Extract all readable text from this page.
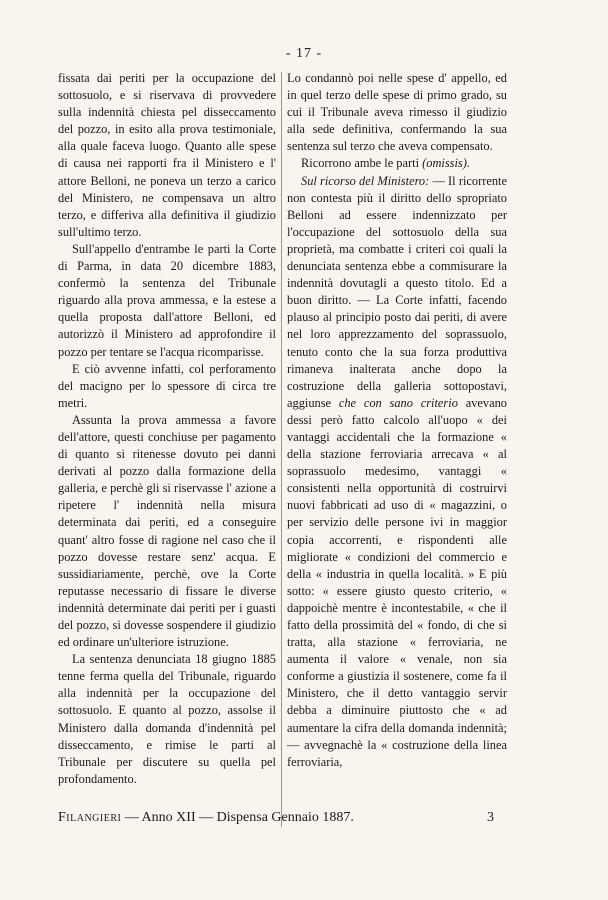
- 17 -

fissata dai periti per la occupazione del sottosuolo, e si riservava di provvedere sulla indennità chiesta pel disseccamento del pozzo, in esito alla prova testimoniale, alla quale faceva luogo. Quanto alle spese di causa nei rapporti fra il Ministero e l' attore Belloni, ne poneva un terzo a carico del Ministero, ne compensava un altro terzo, e differiva alla definitiva il giudizio sull'ultimo terzo.

Sull'appello d'entrambe le parti la Corte di Parma, in data 20 dicembre 1883, confermò la sentenza del Tribunale riguardo alla prova ammessa, e la estese a quella proposta dall'attore Belloni, ed autorizzò il Ministero ad approfondire il pozzo per tentare se l'acqua ricomparisse.

E ciò avvenne infatti, col perforamento del macigno per lo spessore di circa tre metri.

Assunta la prova ammessa a favore dell'attore, questi conchiuse per pagamento di quanto si ritenesse dovuto pei danni derivati al pozzo dalla formazione della galleria, e perchè gli si riservasse l' azione a ripetere l' indennità nella misura determinata dai periti, ed a conseguire quant' altro fosse di ragione nel caso che il pozzo dovesse restare senz' acqua. E sussidiariamente, perchè, ove la Corte reputasse necessario di fissare le diverse indennità determinate dai periti per i guasti del pozzo, si dovesse sospendere il giudizio ed ordinare un'ulteriore istruzione.

La sentenza denunciata 18 giugno 1885 tenne ferma quella del Tribunale, riguardo alla indennità per la occupazione del sottosuolo. E quanto al pozzo, assolse il Ministero dalla domanda d'indennità pel disseccamento, e rimise le parti al Tribunale per discutere su quella pel profondamento.

Lo condannò poi nelle spese d' appello, ed in quel terzo delle spese di primo grado, su cui il Tribunale aveva rimesso il giudizio alla sede definitiva, confermando la sua sentenza sul terzo che aveva compensato.

Ricorrono ambe le parti (omissis).

Sul ricorso del Ministero: — Il ricorrente non contesta più il diritto dello spropriato Belloni ad essere indennizzato per l'occupazione del sottosuolo della sua proprietà, ma combatte i criteri coi quali la denunciata sentenza ebbe a commisurare la indennità dovutagli a questo titolo. Ed a buon diritto. — La Corte infatti, facendo plauso al principio posto dai periti, di avere nel loro apprezzamento del soprassuolo, tenuto conto che la sua forza produttiva rimaneva inalterata anche dopo la costruzione della galleria sottopostavi, aggiunse che con sano criterio avevano dessi però fatto calcolo all'uopo « dei vantaggi accidentali che la formazione « della stazione ferroviaria arrecava « al soprassuolo medesimo, vantaggi « consistenti nella opportunità di costruirvi nuovi fabbricati ad uso di « magazzini, o per servizio delle persone ivi in maggior copia accorrenti, e rispondenti alle migliorate « condizioni del commercio e della « industria in quella località. » E più sotto: « essere giusto questo criterio, « dappoichè mentre è incontestabile, « che il fatto della prossimità del « fondo, di che si tratta, alla stazione « ferroviaria, ne aumenta il valore « venale, non sia conforme a giustizia il sostenere, come fa il Ministero, che il detto vantaggio servir debba a diminuire piuttosto che « ad aumentare la cifra della domanda indennità; — avvegnachè la « costruzione della linea ferroviaria,

Filangieri — Anno XII — Dispensa Gennaio 1887.	3
